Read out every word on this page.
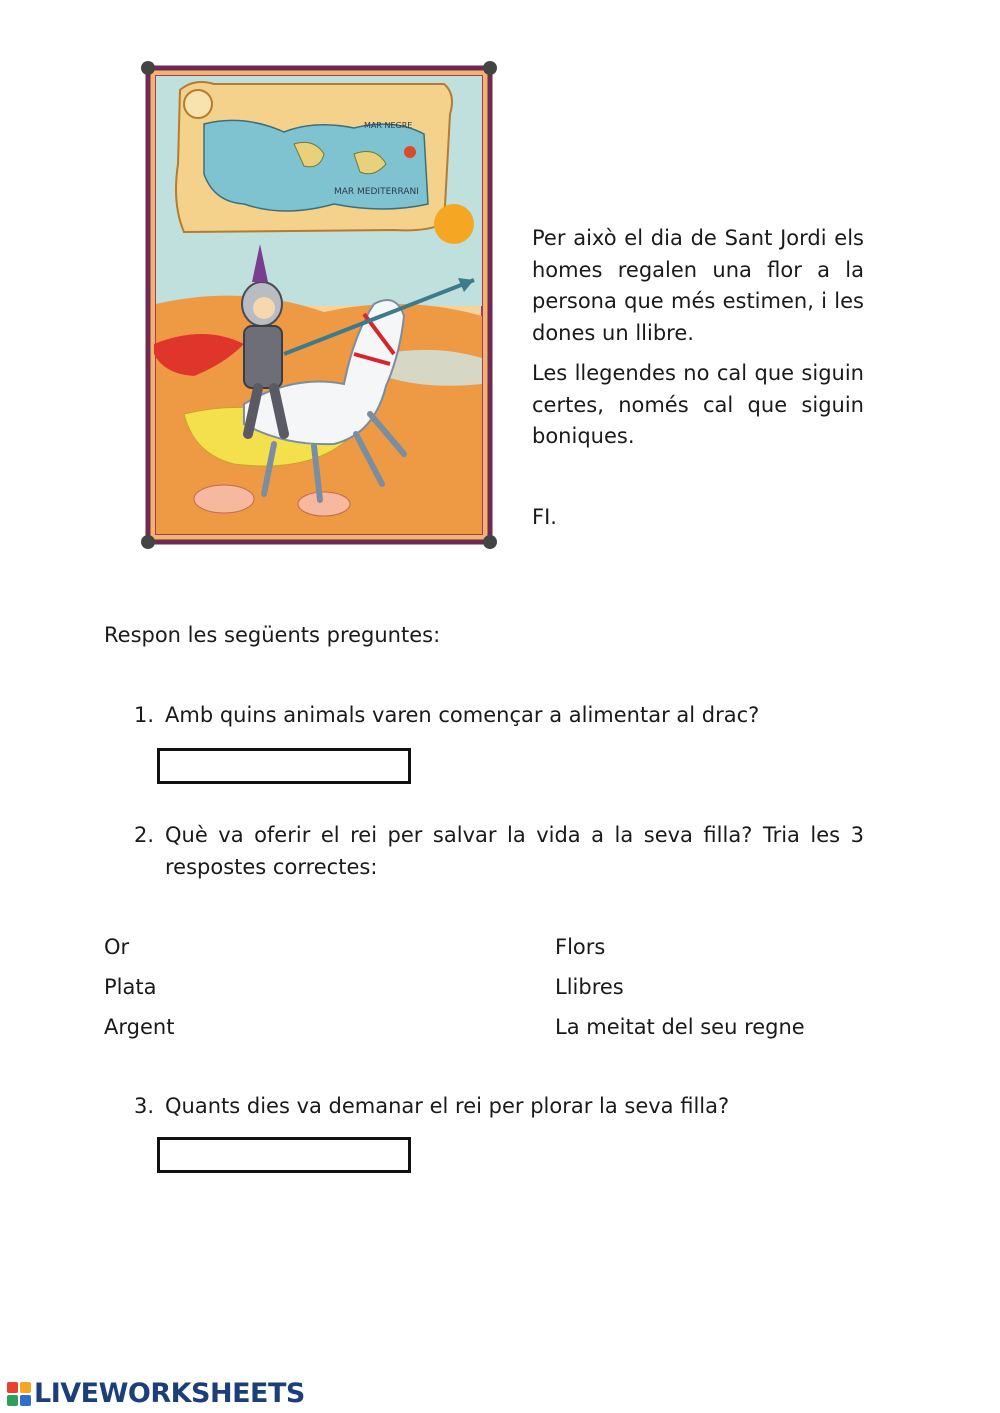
MAR MEDITERRANI
MAR NEGRE

Per això el dia de Sant Jordi els homes regalen una flor a la persona que més estimen, i les dones un llibre.

Les llegendes no cal que siguin certes, només cal que siguin boniques.

FI.
Respon les següents preguntes:
1. Amb quins animals varen començar a alimentar al drac?
2. Què va oferir el rei per salvar la vida a la seva filla? Tria les 3 respostes correctes:
Or
Plata
Argent
Flors
Llibres
La meitat del seu regne
3. Quants dies va demanar el rei per plorar la seva filla?
LIVEWORKSHEETS
